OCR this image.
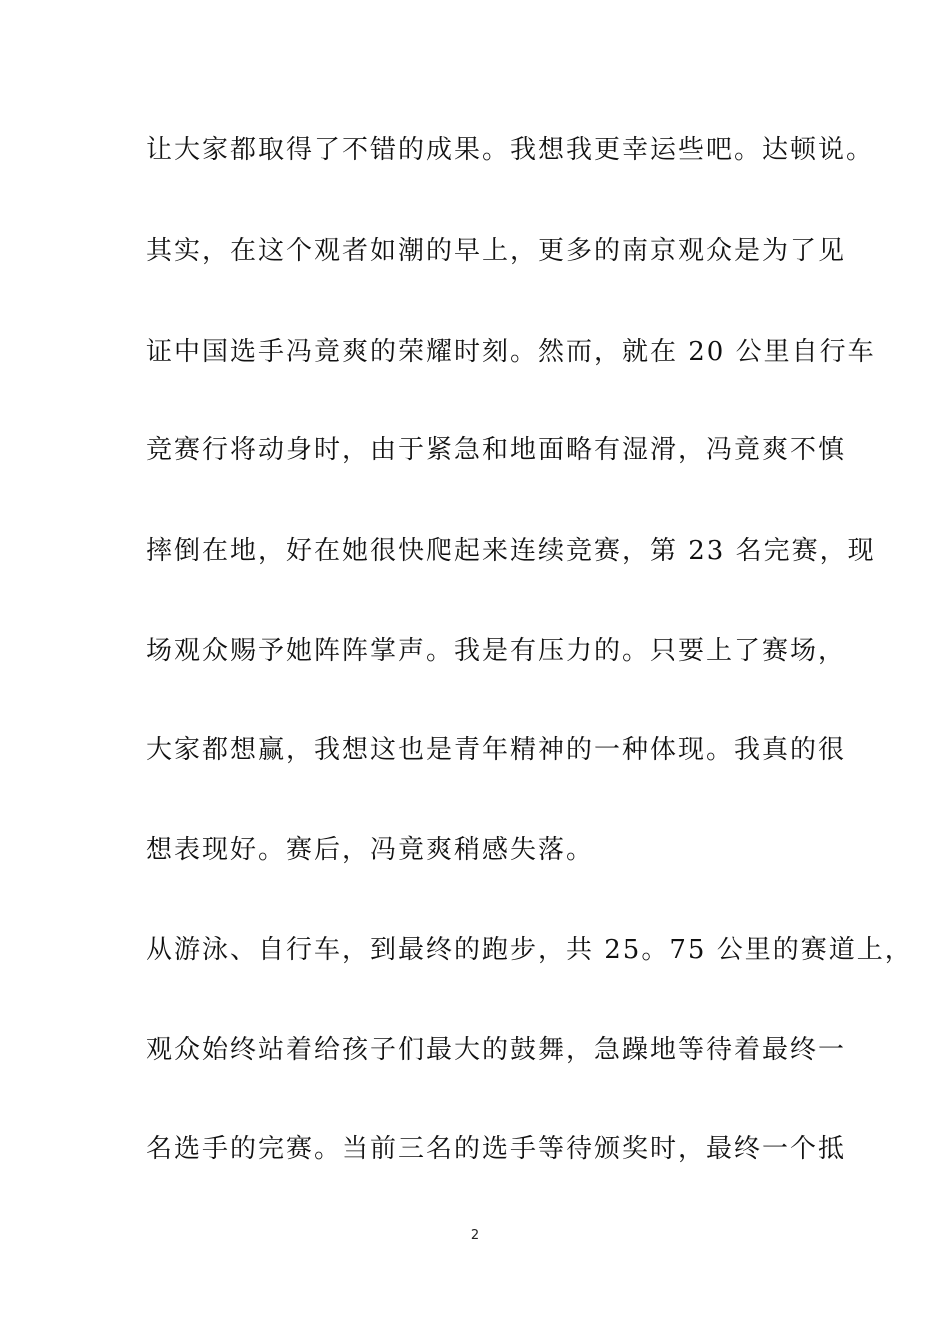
让大家都取得了不错的成果。我想我更幸运些吧。达顿说。
其实，在这个观者如潮的早上，更多的南京观众是为了见
证中国选手冯竟爽的荣耀时刻。然而，就在 20 公里自行车
竞赛行将动身时，由于紧急和地面略有湿滑，冯竟爽不慎
摔倒在地，好在她很快爬起来连续竞赛，第 23 名完赛，现
场观众赐予她阵阵掌声。我是有压力的。只要上了赛场，
大家都想赢，我想这也是青年精神的一种体现。我真的很
想表现好。赛后，冯竟爽稍感失落。
从游泳、自行车，到最终的跑步，共 25。75 公里的赛道上，
观众始终站着给孩子们最大的鼓舞，急躁地等待着最终一
名选手的完赛。当前三名的选手等待颁奖时，最终一个抵
2
